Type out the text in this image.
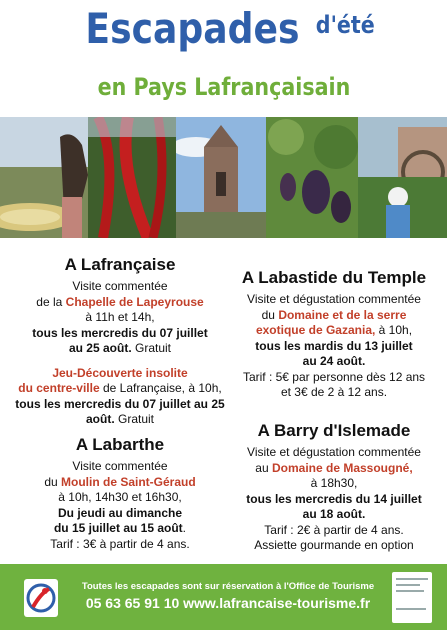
Escapades d'été
en Pays Lafrançaisain
A Lafrançaise
Visite commentée
de la Chapelle de Lapeyrouse
à 11h et 14h,
tous les mercredis du 07 juillet
au 25 août. Gratuit
Jeu-Découverte insolite
du centre-ville de Lafrançaise, à 10h,
tous les mercredis du 07 juillet au 25
août. Gratuit
A Labarthe
Visite commentée
du Moulin de Saint-Géraud
à 10h, 14h30 et 16h30,
Du jeudi au dimanche
du 15 juillet au 15 août.
Tarif : 3€ à partir de 4 ans.
A Labastide du Temple
Visite et dégustation commentée
du Domaine et de la serre
exotique de Gazania, à 10h,
tous les mardis du 13 juillet
au 24 août.
Tarif : 5€ par personne dès 12 ans
et 3€ de 2 à 12 ans.
A Barry d'Islemade
Visite et dégustation commentée
au Domaine de Massougné,
à 18h30,
tous les mercredis du 14 juillet
au 18 août.
Tarif : 2€ à partir de 4 ans.
Assiette gourmande en option
Toutes les escapades sont sur réservation à l'Office de Tourisme
05 63 65 91 10 www.lafrancaise-tourisme.fr
